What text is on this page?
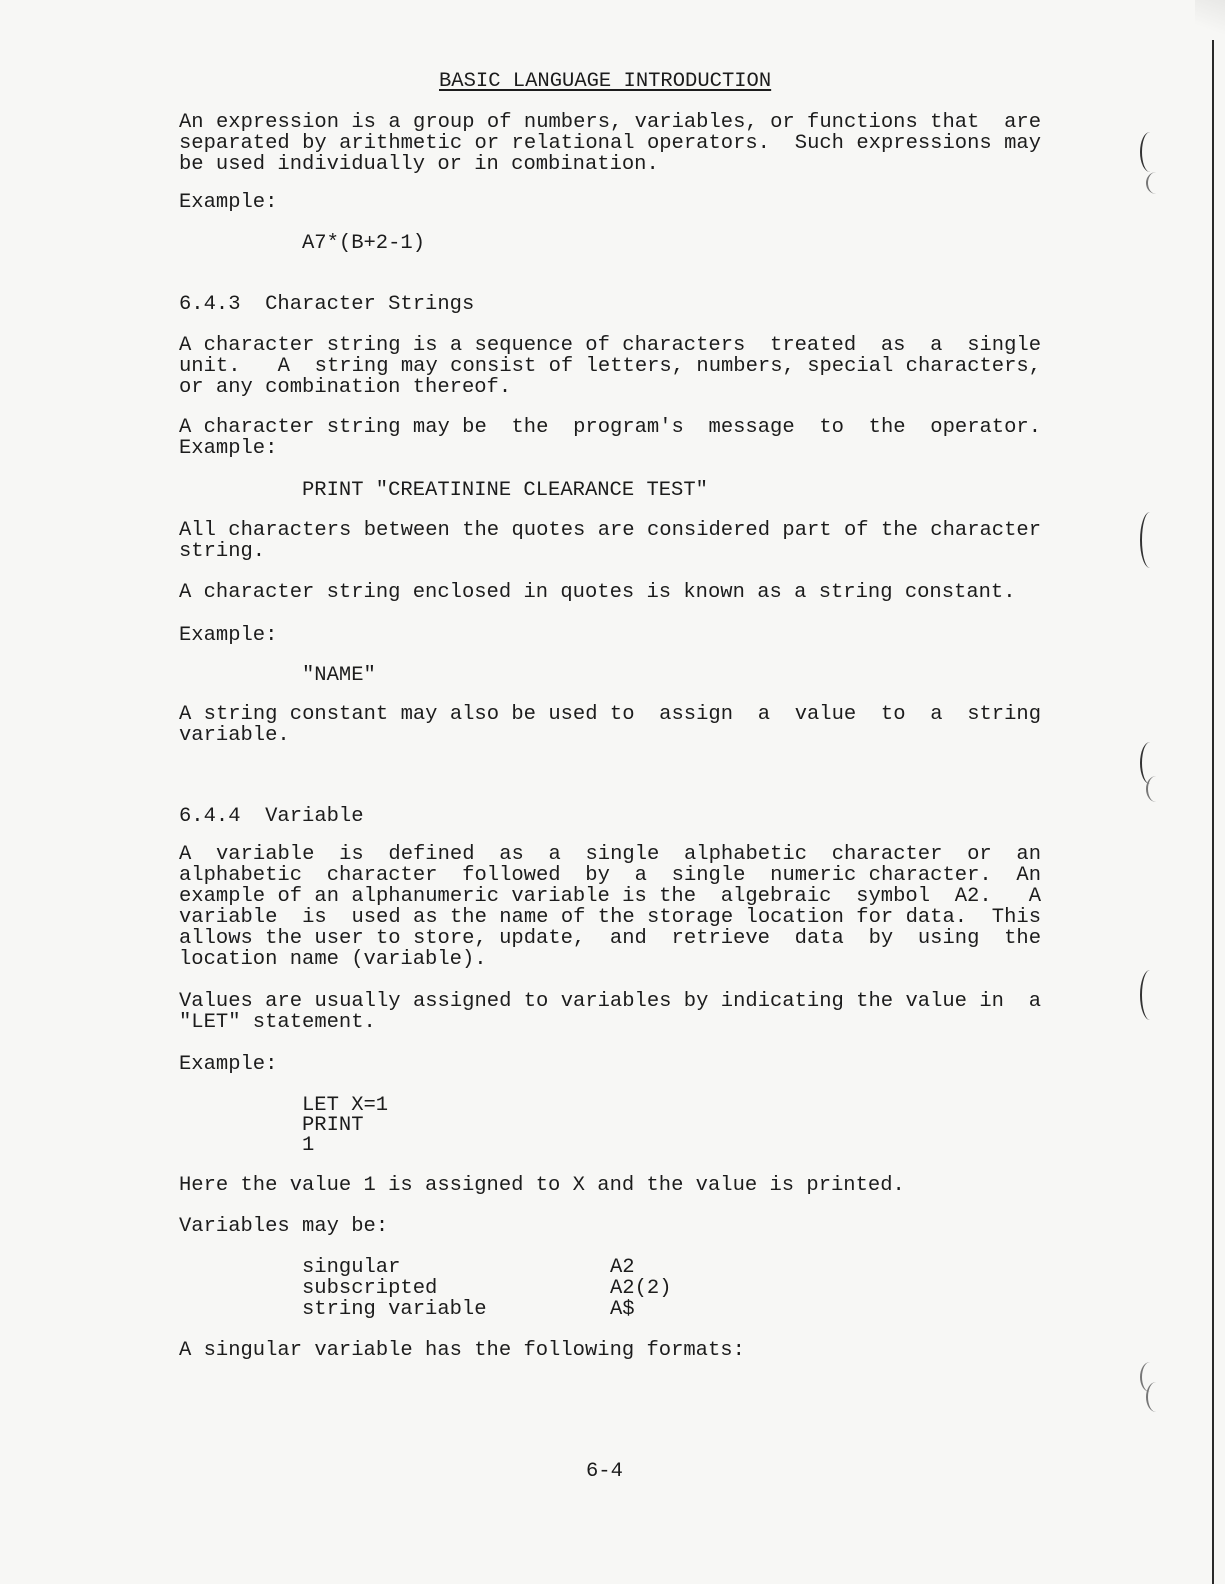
BASIC LANGUAGE INTRODUCTION
An expression is a group of numbers, variables, or functions that  are
separated by arithmetic or relational operators.  Such expressions may
be used individually or in combination.
Example:
A7*(B+2-1)
6.4.3  Character Strings
A character string is a sequence of characters  treated  as  a  single
unit.   A  string may consist of letters, numbers, special characters,
or any combination thereof.
A character string may be  the  program's  message  to  the  operator.
Example:
PRINT "CREATININE CLEARANCE TEST"
All characters between the quotes are considered part of the character
string.
A character string enclosed in quotes is known as a string constant.
Example:
"NAME"
A string constant may also be used to  assign  a  value  to  a  string
variable.
6.4.4  Variable
A  variable  is  defined  as  a  single  alphabetic  character  or  an
alphabetic  character  followed  by  a  single  numeric character.  An
example of an alphanumeric variable is the  algebraic  symbol  A2.   A
variable  is  used as the name of the storage location for data.  This
allows the user to store, update,  and  retrieve  data  by  using  the
location name (variable).
Values are usually assigned to variables by indicating the value in  a
"LET" statement.
Example:
LET X=1
PRINT
1
Here the value 1 is assigned to X and the value is printed.
Variables may be:
singular	A2
subscripted	A2(2)
string variable	A$
A singular variable has the following formats:
6-4
